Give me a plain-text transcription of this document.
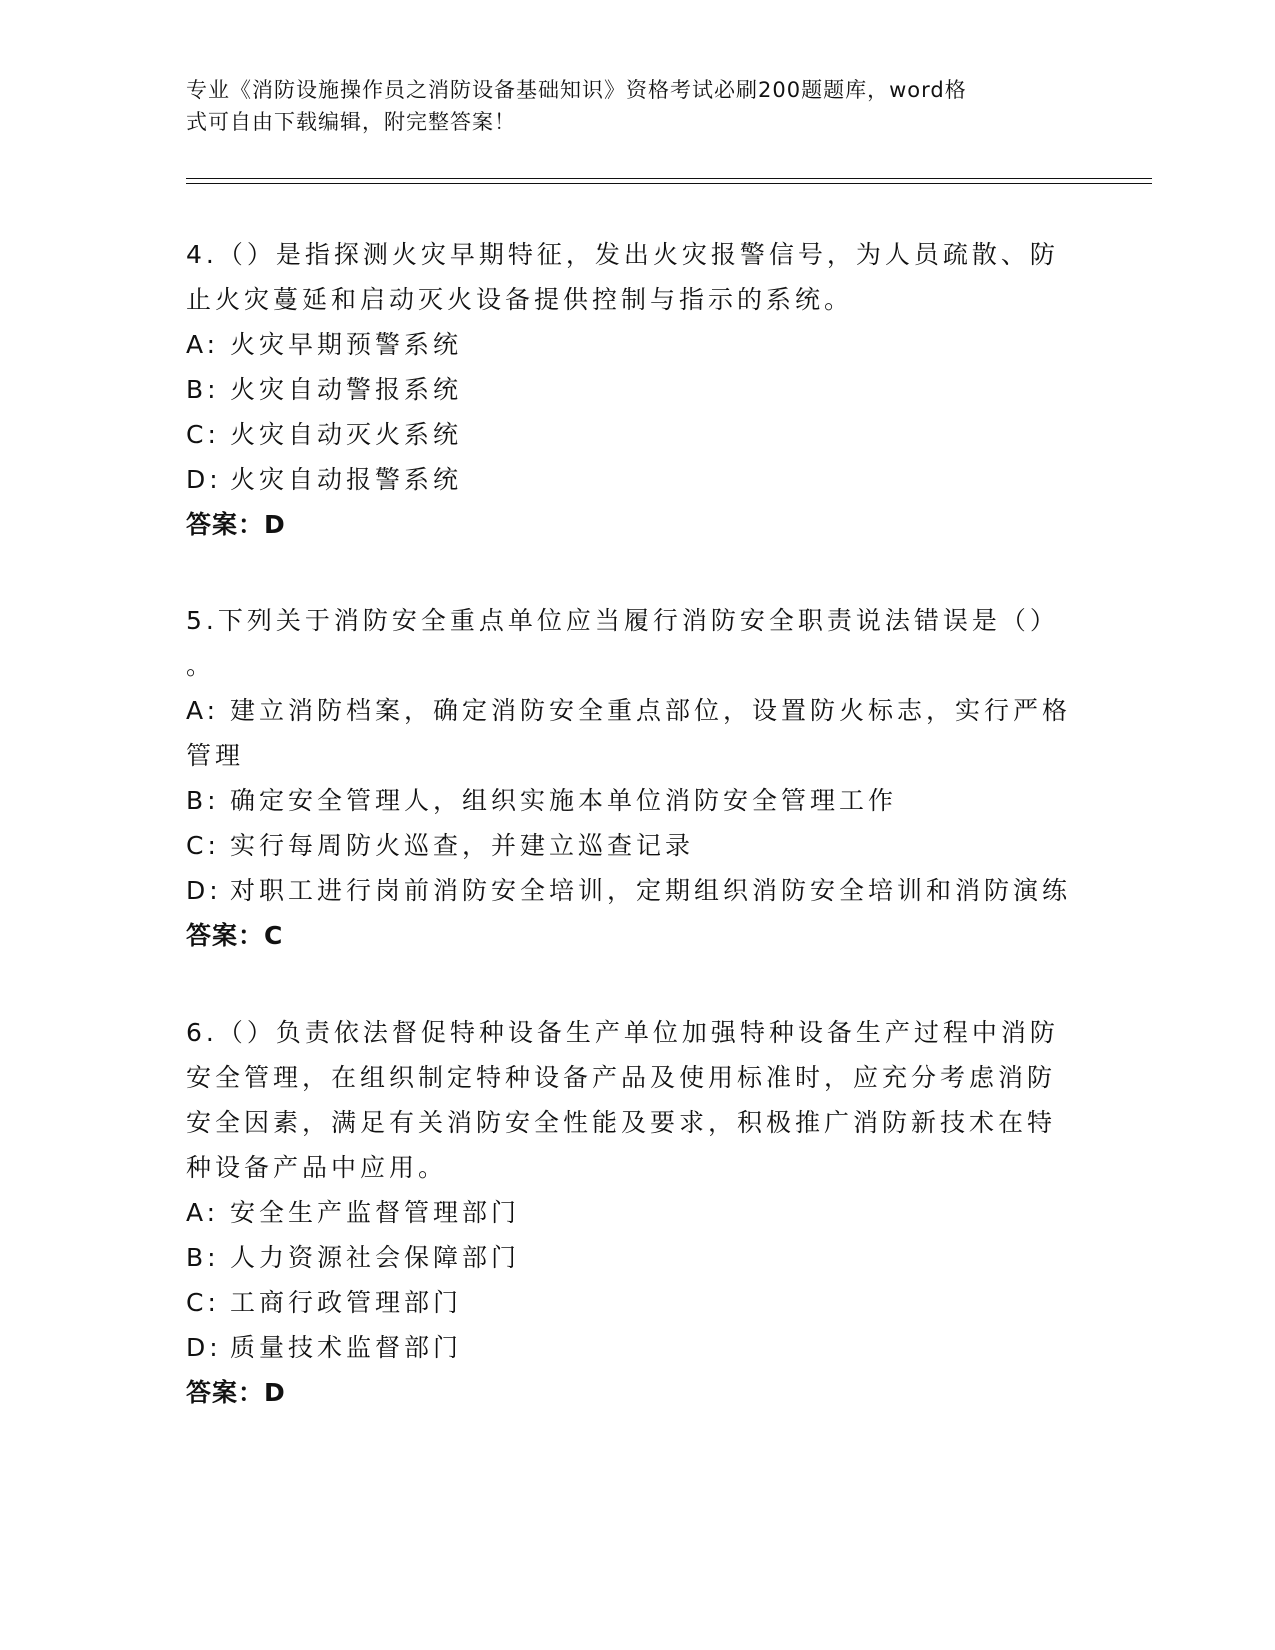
专业《消防设施操作员之消防设备基础知识》资格考试必刷200题题库，word格
式可自由下载编辑，附完整答案！
4.（）是指探测火灾早期特征，发出火灾报警信号，为人员疏散、防
止火灾蔓延和启动灭火设备提供控制与指示的系统。
A: 火灾早期预警系统
B: 火灾自动警报系统
C: 火灾自动灭火系统
D: 火灾自动报警系统
答案：D
5.下列关于消防安全重点单位应当履行消防安全职责说法错误是（）
。
A: 建立消防档案，确定消防安全重点部位，设置防火标志，实行严格
管理
B: 确定安全管理人，组织实施本单位消防安全管理工作
C: 实行每周防火巡查，并建立巡查记录
D: 对职工进行岗前消防安全培训，定期组织消防安全培训和消防演练
答案：C
6.（）负责依法督促特种设备生产单位加强特种设备生产过程中消防
安全管理，在组织制定特种设备产品及使用标准时，应充分考虑消防
安全因素，满足有关消防安全性能及要求，积极推广消防新技术在特
种设备产品中应用。
A: 安全生产监督管理部门
B: 人力资源社会保障部门
C: 工商行政管理部门
D: 质量技术监督部门
答案：D
